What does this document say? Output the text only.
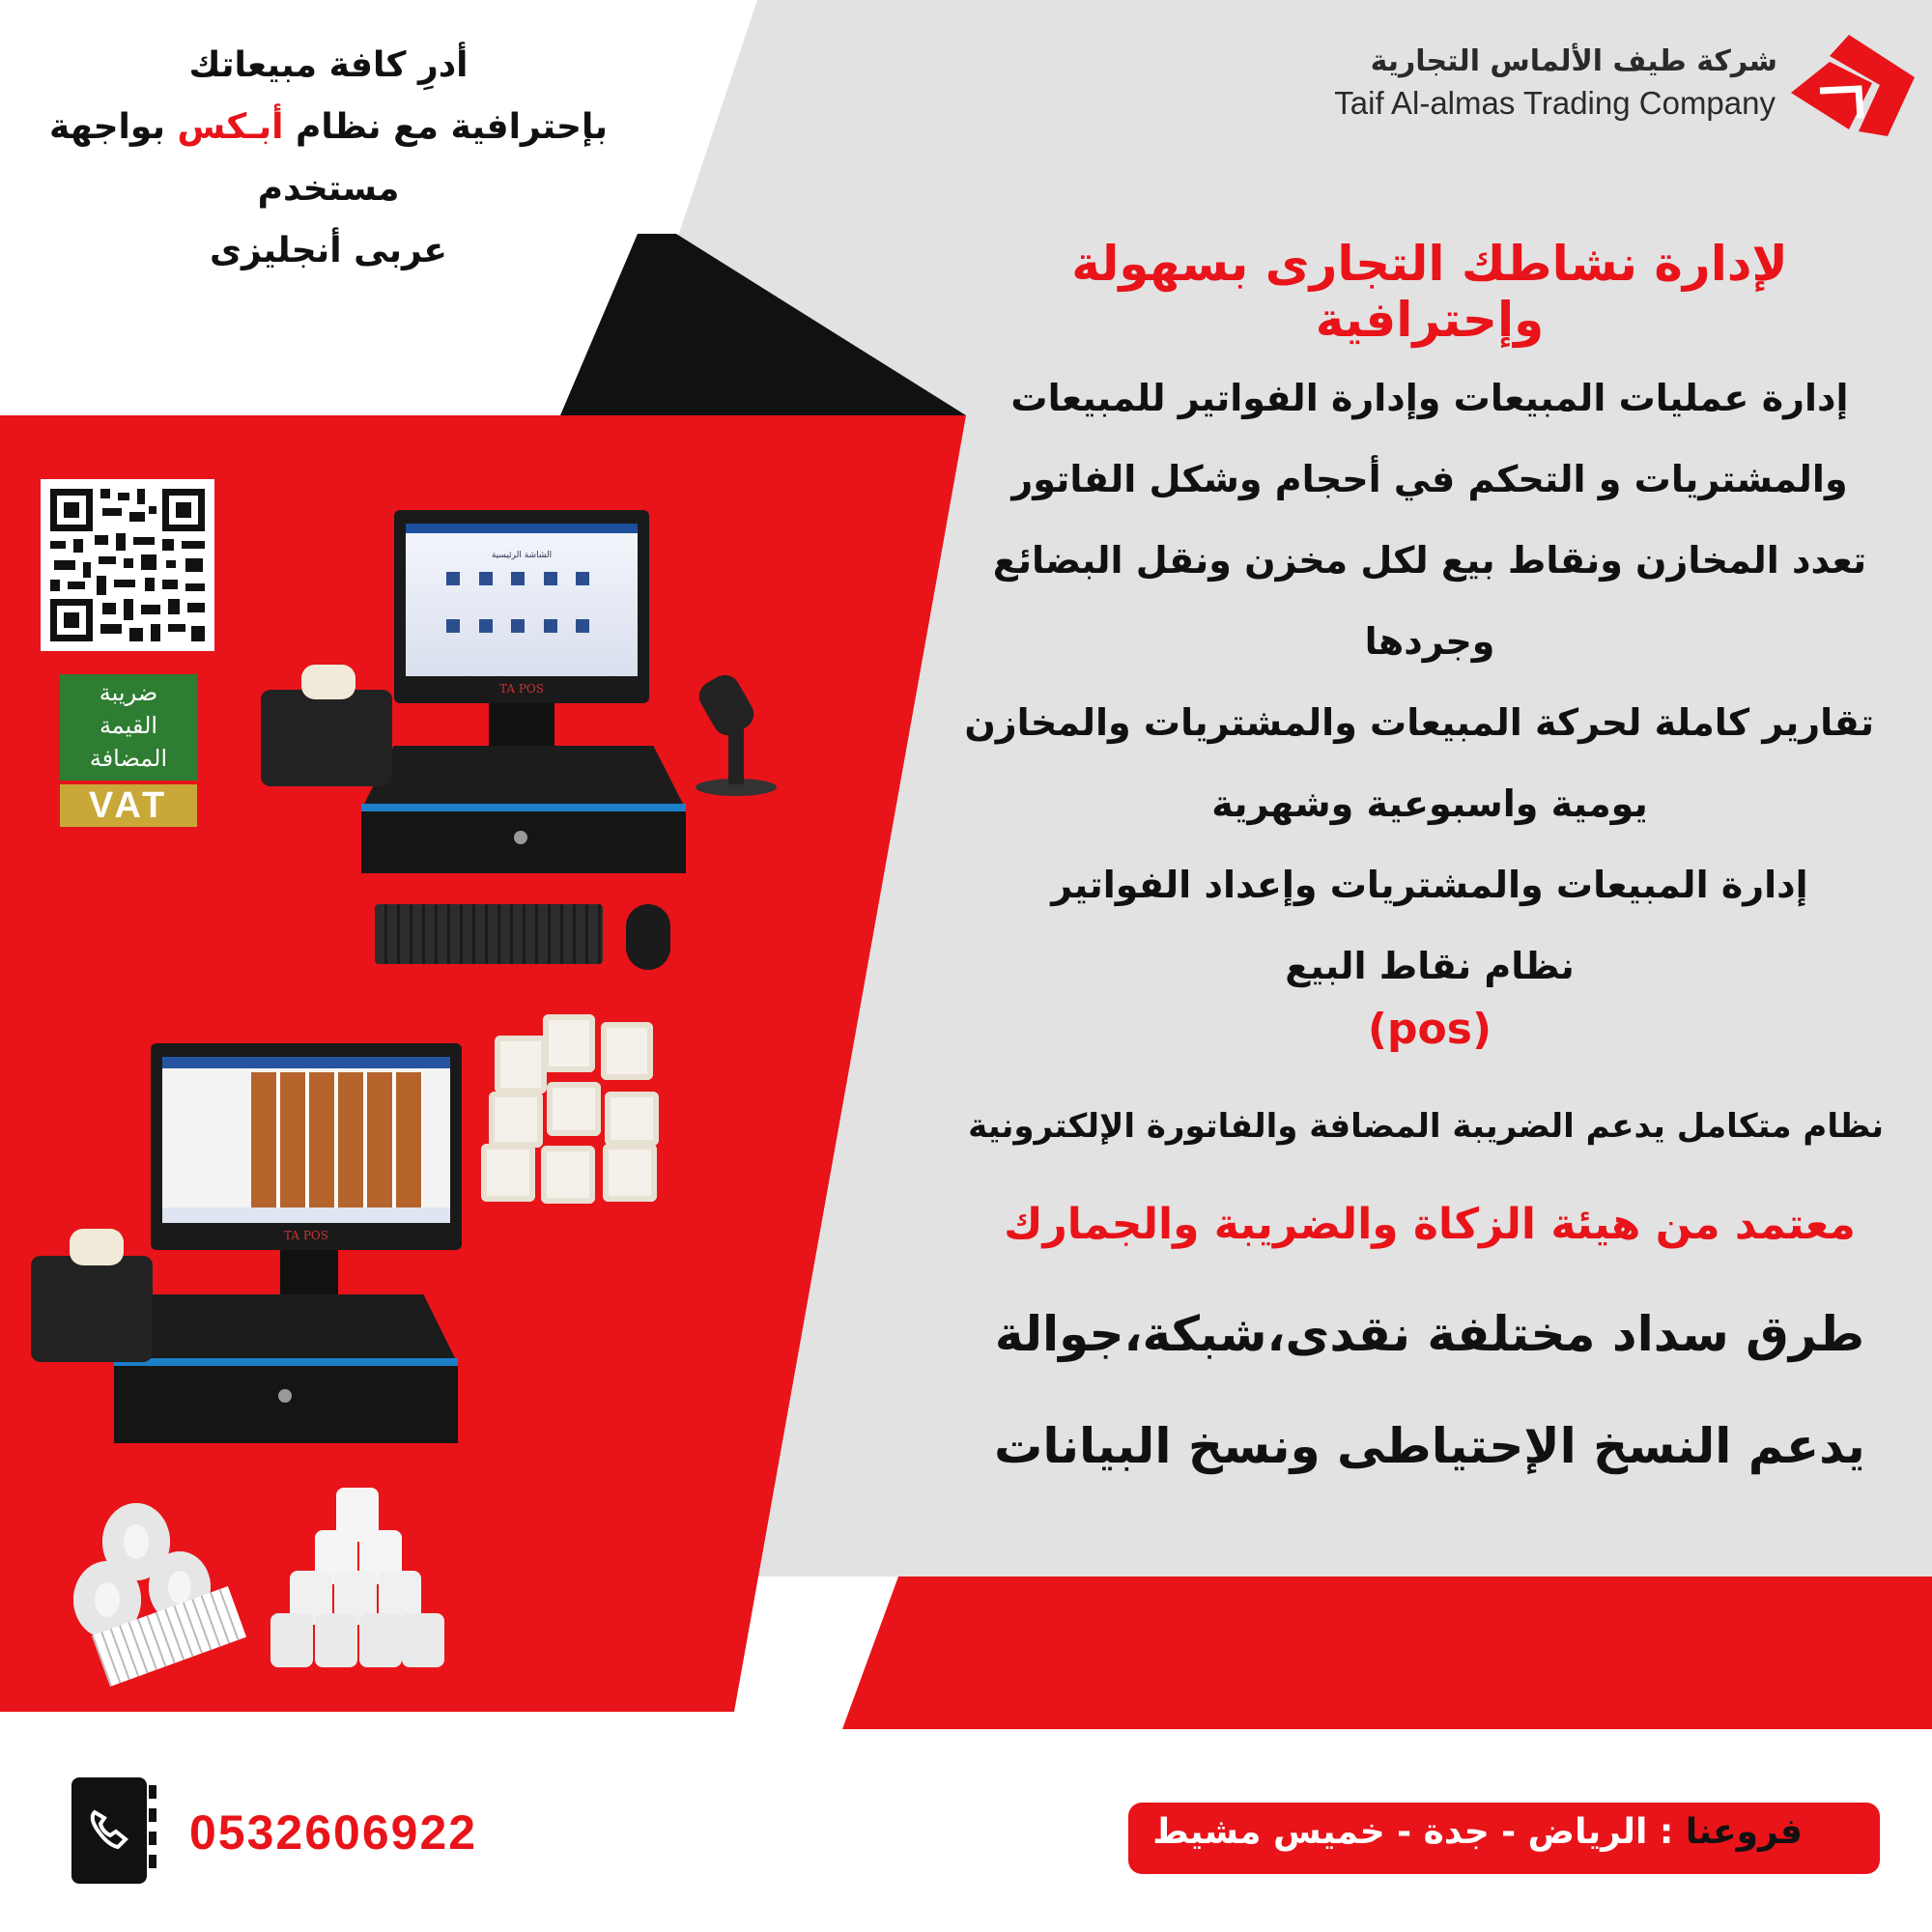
شركة طيف الألماس التجارية
Taif Al-almas Trading Company
أدرِ كافة مبيعاتك
بإحترافية مع نظام أبـكس بواجهة مستخدم
عربى أنجليزى	لإدارة نشاطك التجارى بسهولة وإحترافية
إدارة عمليات المبيعات وإدارة الفواتير للمبيعات
والمشتريات و التحكم في أحجام وشكل الفاتور
تعدد المخازن ونقاط بيع لكل مخزن ونقل البضائع
وجردها
تقارير كاملة لحركة المبيعات والمشتريات والمخازن
يومية واسبوعية وشهرية
إدارة المبيعات والمشتريات وإعداد الفواتير
نظام نقاط البيع
(pos)
نظام متكامل يدعم الضريبة المضافة والفاتورة الإلكترونية
معتمد من هيئة الزكاة والضريبة والجمارك
طرق سداد مختلفة نقدى،شبكة،جوالة
يدعم النسخ الإحتياطى ونسخ البيانات
ضريبة
القيمة
المضافة
VAT
الشاشة الرئيسية
TA POS
TA POS
0532606922	فروعنا : الرياض - جدة - خميس مشيط
